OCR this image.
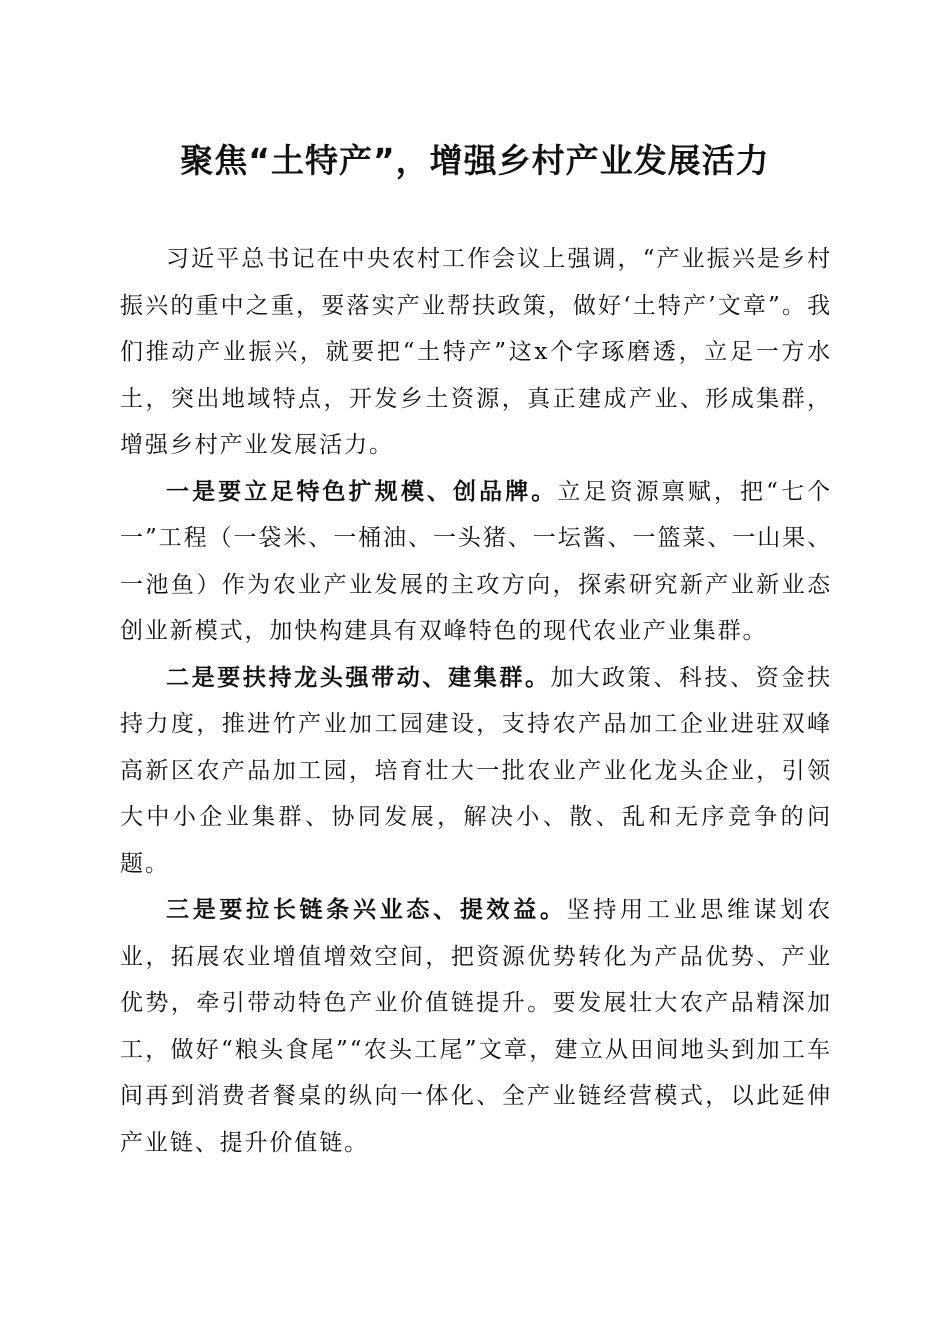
聚焦“土特产”，增强乡村产业发展活力

习近平总书记在中央农村工作会议上强调，“产业振兴是乡村振兴的重中之重，要落实产业帮扶政策，做好‘土特产’文章”。我们推动产业振兴，就要把“土特产”这x个字琢磨透，立足一方水土，突出地域特点，开发乡土资源，真正建成产业、形成集群，增强乡村产业发展活力。

一是要立足特色扩规模、创品牌。立足资源禀赋，把“七个一”工程（一袋米、一桶油、一头猪、一坛酱、一篮菜、一山果、一池鱼）作为农业产业发展的主攻方向，探索研究新产业新业态创业新模式，加快构建具有双峰特色的现代农业产业集群。

二是要扶持龙头强带动、建集群。加大政策、科技、资金扶持力度，推进竹产业加工园建设，支持农产品加工企业进驻双峰高新区农产品加工园，培育壮大一批农业产业化龙头企业，引领大中小企业集群、协同发展，解决小、散、乱和无序竞争的问题。

三是要拉长链条兴业态、提效益。坚持用工业思维谋划农业，拓展农业增值增效空间，把资源优势转化为产品优势、产业优势，牵引带动特色产业价值链提升。要发展壮大农产品精深加工，做好“粮头食尾”“农头工尾”文章，建立从田间地头到加工车间再到消费者餐桌的纵向一体化、全产业链经营模式，以此延伸产业链、提升价值链。
